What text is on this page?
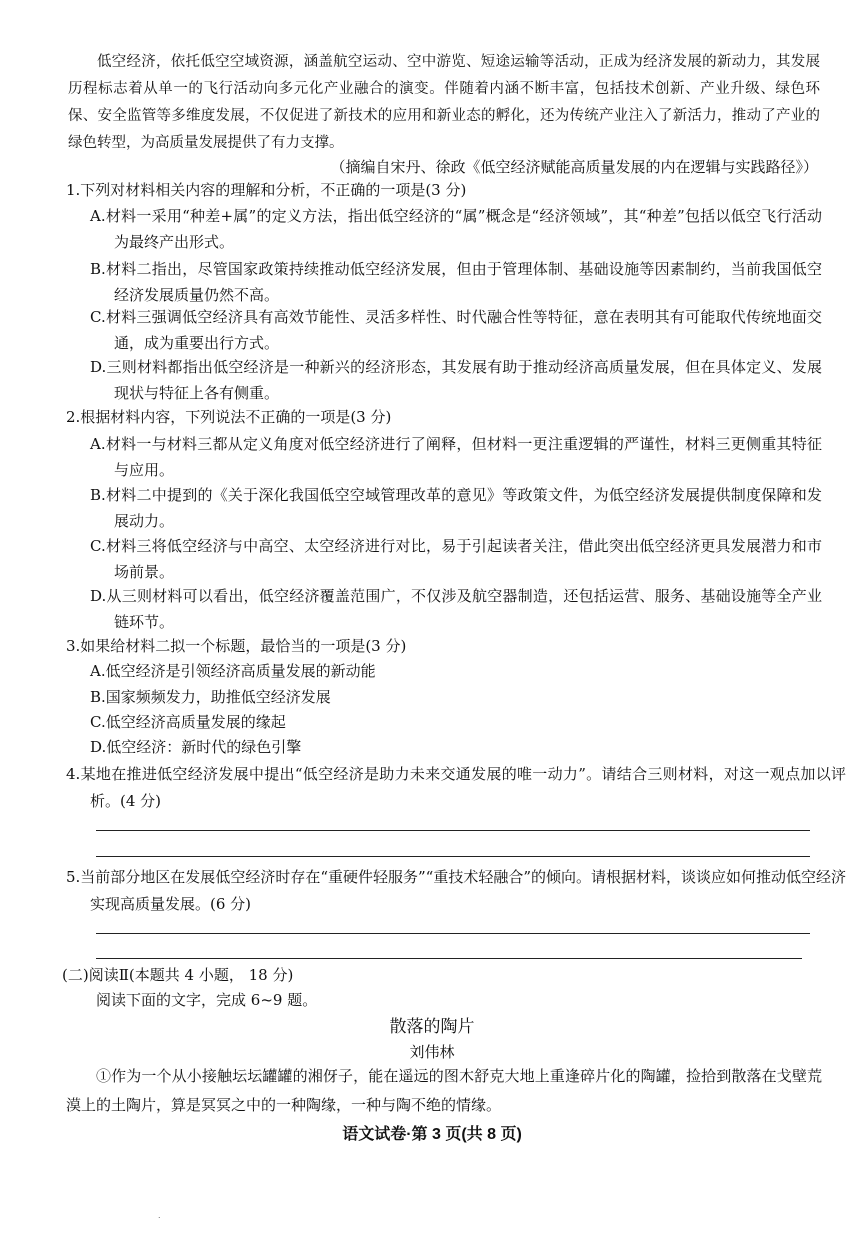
低空经济，依托低空空域资源，涵盖航空运动、空中游览、短途运输等活动，正成为经济发展的新动力，其发展历程标志着从单一的飞行活动向多元化产业融合的演变。伴随着内涵不断丰富，包括技术创新、产业升级、绿色环保、安全监管等多维度发展，不仅促进了新技术的应用和新业态的孵化，还为传统产业注入了新活力，推动了产业的绿色转型，为高质量发展提供了有力支撑。

（摘编自宋丹、徐政《低空经济赋能高质量发展的内在逻辑与实践路径》）
1.下列对材料相关内容的理解和分析，不正确的一项是(3 分)
A.材料一采用“种差+属”的定义方法，指出低空经济的“属”概念是“经济领域”，其“种差”包括以低空飞行活动为最终产出形式。
B.材料二指出，尽管国家政策持续推动低空经济发展，但由于管理体制、基础设施等因素制约，当前我国低空经济发展质量仍然不高。
C.材料三强调低空经济具有高效节能性、灵活多样性、时代融合性等特征，意在表明其有可能取代传统地面交通，成为重要出行方式。
D.三则材料都指出低空经济是一种新兴的经济形态，其发展有助于推动经济高质量发展，但在具体定义、发展现状与特征上各有侧重。
2.根据材料内容，下列说法不正确的一项是(3 分)
A.材料一与材料三都从定义角度对低空经济进行了阐释，但材料一更注重逻辑的严谨性，材料三更侧重其特征与应用。
B.材料二中提到的《关于深化我国低空空域管理改革的意见》等政策文件，为低空经济发展提供制度保障和发展动力。
C.材料三将低空经济与中高空、太空经济进行对比，易于引起读者关注，借此突出低空经济更具发展潜力和市场前景。
D.从三则材料可以看出，低空经济覆盖范围广，不仅涉及航空器制造，还包括运营、服务、基础设施等全产业链环节。
3.如果给材料二拟一个标题，最恰当的一项是(3 分)
A.低空经济是引领经济高质量发展的新动能
B.国家频频发力，助推低空经济发展
C.低空经济高质量发展的缘起
D.低空经济：新时代的绿色引擎
4.某地在推进低空经济发展中提出“低空经济是助力未来交通发展的唯一动力”。请结合三则材料，对这一观点加以评析。(4 分)
5.当前部分地区在发展低空经济时存在“重硬件轻服务”“重技术轻融合”的倾向。请根据材料，谈谈应如何推动低空经济实现高质量发展。(6 分)
(二)阅读Ⅱ(本题共 4 小题， 18 分)
阅读下面的文字，完成 6~9 题。
散落的陶片
刘伟林
①作为一个从小接触坛坛罐罐的湘伢子，能在遥远的图木舒克大地上重逢碎片化的陶罐，捡拾到散落在戈壁荒漠上的土陶片，算是冥冥之中的一种陶缘，一种与陶不绝的情缘。
语文试卷·第 3 页(共 8 页)
.
